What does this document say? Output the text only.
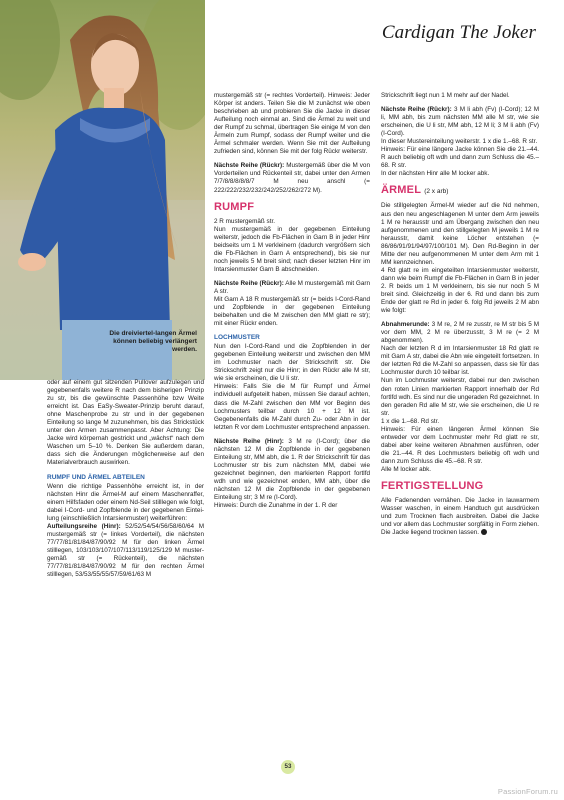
Die dreiviertel-langen Ärmel können beliebig verlängert werden.
Cardigan The Joker

oder auf einem gut sitzenden Pullover aufzulegen und gegebenenfalls weitere R nach dem bisherigen Prinzip zu str, bis die gewünschte Passenhöhe bzw Weite erreicht ist. Das EaSy-Sweater-Prinzip beruht darauf, ohne Maschenprobe zu str und in der gegebenen Einteilung so lange M zuzunehmen, bis das Strickstück unter den Armen zusammenpasst. Aber Achtung: Die Jacke wird körpernah gestrickt und „wächst“ nach dem Waschen um 5–10 %. Denken Sie außerdem daran, dass sich die Änderungen möglicherweise auf den Materialverbrauch auswirken.

RUMPF UND ÄRMEL ABTEILEN

Wenn die richtige Passenhöhe erreicht ist, in der nächsten Hinr die Ärmel-M auf einem Maschenraffer, einem Hilfsfaden oder einem Nd-Seil stilllegen wie folgt, dabei I-Cord- und Zopfblende in der gegebenen Einteilung (einschließlich Intarsienmuster) weiterführen:

Aufteilungsreihe (Hinr): 52/52/54/54/56/58/60/64 M mustergemäß str (= linkes Vorderteil), die nächsten 77/77/81/81/84/87/90/92 M für den linken Ärmel stilllegen, 103/103/107/107/113/119/125/129 M mustergemäß str (= Rückenteil), die nächsten 77/77/81/81/84/87/90/92 M für den rechten Ärmel stilllegen, 53/53/55/55/57/59/61/63 M

mustergemäß str (= rechtes Vorderteil). Hinweis: Jeder Körper ist anders. Teilen Sie die M zunächst wie oben beschrieben ab und probieren Sie die Jacke in dieser Aufteilung noch einmal an. Sind die Ärmel zu weit und der Rumpf zu schmal, übertragen Sie einige M von den Ärmeln zum Rumpf, sodass der Rumpf weiter und die Ärmel schmaler werden. Wenn Sie mit der Aufteilung zufrieden sind, können Sie mit der folg Rückr weiterstr.

Nächste Reihe (Rückr): Mustergemäß über die M von Vorderteilen und Rückenteil str, dabei unter den Armen 7/7/8/8/8/8/8/7 M neu anschl (= 222/222/232/232/242/252/262/272 M).

RUMPF

2 R mustergemäß str.
Nun mustergemäß in der gegebenen Einteilung weiterstr, jedoch die Fb-Flächen in Garn B in jeder Hinr beidseits um 1 M verkleinern (dadurch vergrößern sich die Fb-Flächen in Garn A entsprechend), bis sie nur noch jeweils 5 M breit sind; nach dieser letzten Hinr im Intarsienmuster Garn B abschneiden.

Nächste Reihe (Rückr): Alle M mustergemäß mit Garn A str.
Mit Garn A 18 R mustergemäß str (= beids I-Cord-Rand und Zopfblende in der gegebenen Einteilung beibehalten und die M zwischen den MM glatt re str); mit einer Rückr enden.

LOCHMUSTER

Nun den I-Cord-Rand und die Zopfblenden in der gegebenen Einteilung weiterstr und zwischen den MM im Lochmuster nach der Strickschrift str. Die Strickschrift zeigt nur die Hinr; in den Rückr alle M str, wie sie erscheinen, die U li str.
Hinweis: Falls Sie die M für Rumpf und Ärmel individuell aufgeteilt haben, müssen Sie darauf achten, dass die M-Zahl zwischen den MM vor Beginn des Lochmusters teilbar durch 10 + 12 M ist. Gegebenenfalls die M-Zahl durch Zu- oder Abn in der letzten R vor dem Lochmuster entsprechend anpassen.

Nächste Reihe (Hinr): 3 M re (I-Cord); über die nächsten 12 M die Zopfblende in der gegebenen Einteilung str, MM abh, die 1. R der Strickschrift für das Lochmuster str bis zum nächsten MM, dabei wie gezeichnet beginnen, den markierten Rapport fortlfd wdh und wie gezeichnet enden, MM abh, über die nächsten 12 M die Zopfblende in der gegebenen Einteilung str; 3 M re (I-Cord).
Hinweis: Durch die Zunahme in der 1. R der

Strickschrift liegt nun 1 M mehr auf der Nadel.

Nächste Reihe (Rückr): 3 M li abh (Fv) (I-Cord); 12 M li, MM abh, bis zum nächsten MM alle M str, wie sie erscheinen, die U li str, MM abh, 12 M li; 3 M li abh (Fv) (I-Cord).
In dieser Mustereinteilung weiterstr. 1 x die 1.–68. R str.
Hinweis: Für eine längere Jacke können Sie die 21.–44. R auch beliebig oft wdh und dann zum Schluss die 45.–68. R str.
In der nächsten Hinr alle M locker abk.

ÄRMEL (2 x arb)

Die stillgelegten Ärmel-M wieder auf die Nd nehmen, aus den neu angeschlagenen M unter dem Arm jeweils 1 M re herausstr und am Übergang zwischen den neu aufgenommenen und den stillgelegten M jeweils 1 M re herausstr, damit keine Löcher entstehen (= 86/86/91/91/94/97/100/101 M). Den Rd-Beginn in der Mitte der neu aufgenommenen M unter dem Arm mit 1 MM kennzeichnen.
4 Rd glatt re im eingeteilten Intarsienmuster weiterstr, dann wie beim Rumpf die Fb-Flächen in Garn B in jeder 2. R beids um 1 M verkleinern, bis sie nur noch 5 M breit sind. Gleichzeitig in der 6. Rd und dann bis zum Ende der glatt re Rd in jeder 6. folg Rd jeweils 2 M abn wie folgt:

Abnahmerunde: 3 M re, 2 M re zusstr, re M str bis 5 M vor dem MM, 2 M re überzusstr, 3 M re (= 2 M abgenommen).
Nach der letzten R d im Intarsienmuster 18 Rd glatt re mit Garn A str, dabei die Abn wie eingeteilt fortsetzen. In der letzten Rd die M-Zahl so anpassen, dass sie für das Lochmuster durch 10 teilbar ist.
Nun im Lochmuster weiterstr, dabei nur den zwischen den roten Linien markierten Rapport innerhalb der Rd fortlfd wdh. Es sind nur die ungeraden Rd gezeichnet. In den geraden Rd alle M str, wie sie erscheinen, die U re str.
1 x die 1.–68. Rd str.
Hinweis: Für einen längeren Ärmel können Sie entweder vor dem Lochmuster mehr Rd glatt re str, dabei aber keine weiteren Abnahmen ausführen, oder die 21.–44. R des Lochmusters beliebig oft wdh und dann zum Schluss die 45.–68. R str.
Alle M locker abk.

FERTIGSTELLUNG

Alle Fadenenden vernähen. Die Jacke in lauwarmem Wasser waschen, in einem Handtuch gut ausdrücken und zum Trocknen flach ausbreiten. Dabei die Jacke und vor allem das Lochmuster sorgfältig in Form ziehen. Die Jacke liegend trocknen lassen.

53
PassionForum.ru
